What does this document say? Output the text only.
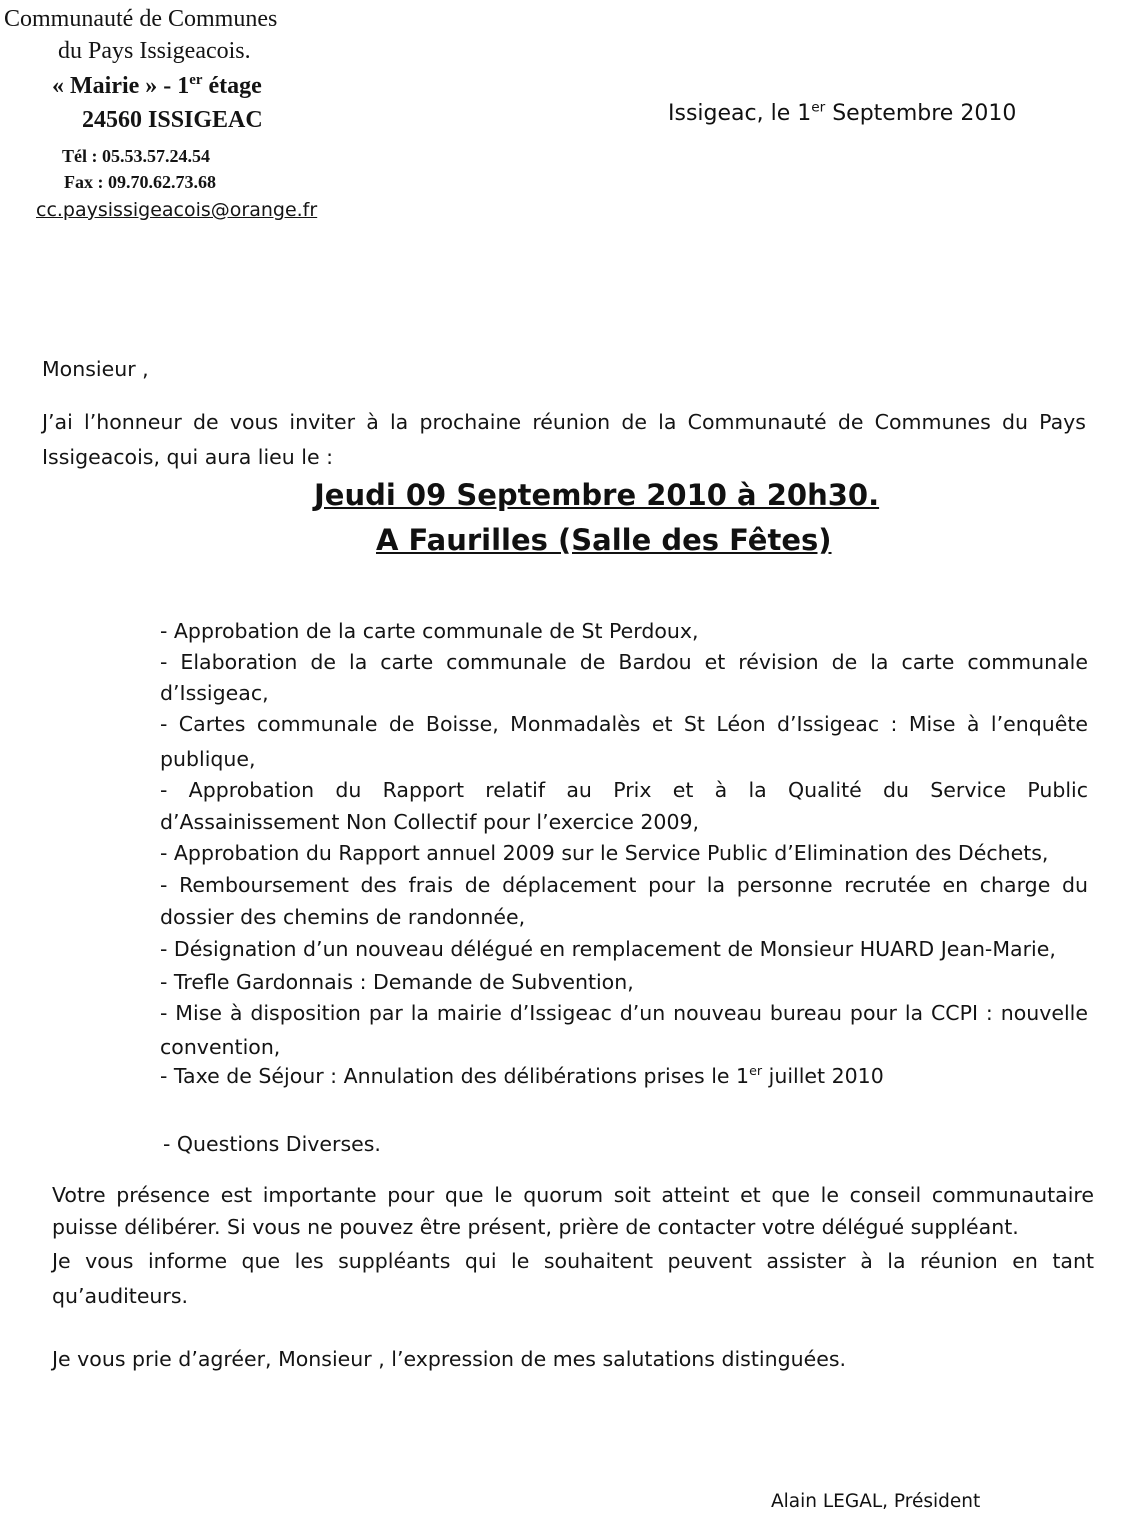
Communauté de Communes
du Pays Issigeacois.
« Mairie » - 1er étage
24560 ISSIGEAC
Tél : 05.53.57.24.54
Fax : 09.70.62.73.68
cc.paysissigeacois@orange.fr
Issigeac, le 1er Septembre 2010
Monsieur ,
J’ai l’honneur de vous inviter à la prochaine réunion de la Communauté de Communes du Pays
Issigeacois, qui aura lieu le :
Jeudi 09 Septembre 2010 à 20h30.
A Faurilles (Salle des Fêtes)
- Approbation de la carte communale de St Perdoux,
- Elaboration de la carte communale de Bardou et révision de la carte communale
d’Issigeac,
- Cartes communale de Boisse, Monmadalès et St Léon d’Issigeac : Mise à l’enquête
publique,
- Approbation du Rapport relatif au Prix et à la Qualité du Service Public
d’Assainissement Non Collectif pour l’exercice 2009,
- Approbation du Rapport annuel 2009 sur le Service Public d’Elimination des Déchets,
- Remboursement des frais de déplacement pour la personne recrutée en charge du
dossier des chemins de randonnée,
- Désignation d’un nouveau délégué en remplacement de Monsieur HUARD Jean-Marie,
- Trefle Gardonnais : Demande de Subvention,
- Mise à disposition par la mairie d’Issigeac d’un nouveau bureau pour la CCPI : nouvelle
convention,
- Taxe de Séjour : Annulation des délibérations prises le 1er juillet 2010
- Questions Diverses.
Votre présence est importante pour que le quorum soit atteint et que le conseil communautaire
puisse délibérer. Si vous ne pouvez être présent, prière de contacter votre délégué suppléant.
Je vous informe que les suppléants qui le souhaitent peuvent assister à la réunion en tant
qu’auditeurs.
Je vous prie d’agréer, Monsieur , l’expression de mes salutations distinguées.
Alain LEGAL, Président
